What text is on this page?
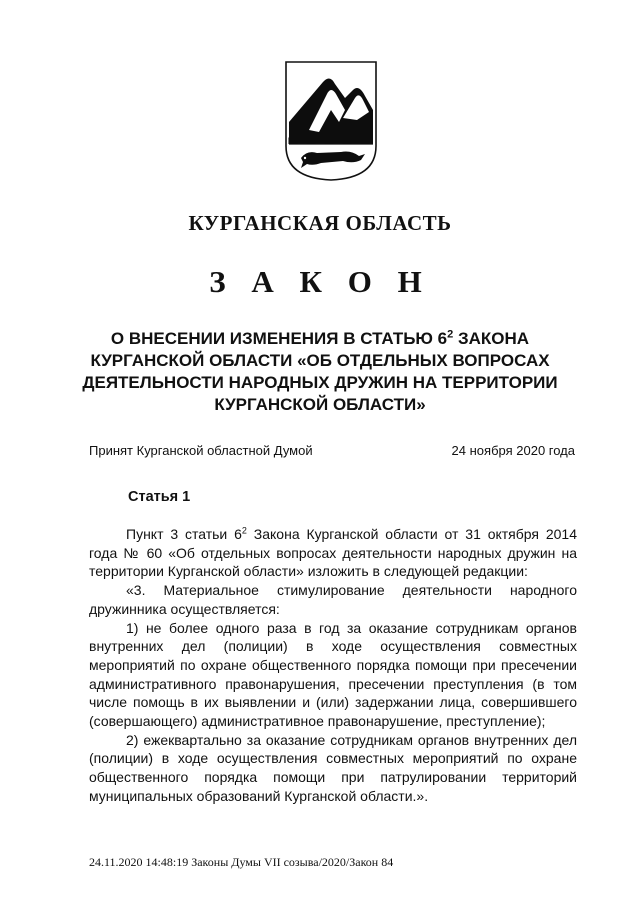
КУРГАНСКАЯ ОБЛАСТЬ
З А К О Н
О ВНЕСЕНИИ ИЗМЕНЕНИЯ В СТАТЬЮ $6^2$ ЗАКОНА КУРГАНСКОЙ ОБЛАСТИ «ОБ ОТДЕЛЬНЫХ ВОПРОСАХ ДЕЯТЕЛЬНОСТИ НАРОДНЫХ ДРУЖИН НА ТЕРРИТОРИИ КУРГАНСКОЙ ОБЛАСТИ»
Принят Курганской областной Думой	24 ноября 2020 года
Статья 1

Пункт 3 статьи $6^2$ Закона Курганской области от 31 октября 2014 года № 60 «Об отдельных вопросах деятельности народных дружин на территории Курганской области» изложить в следующей редакции:

«3. Материальное стимулирование деятельности народного дружинника осуществляется:

1) не более одного раза в год за оказание сотрудникам органов внутренних дел (полиции) в ходе осуществления совместных мероприятий по охране общественного порядка помощи при пресечении административного правонарушения, пресечении преступления (в том числе помощь в их выявлении и (или) задержании лица, совершившего (совершающего) административное правонарушение, преступление);

2) ежеквартально за оказание сотрудникам органов внутренних дел (полиции) в ходе осуществления совместных мероприятий по охране общественного порядка помощи при патрулировании территорий муниципальных образований Курганской области.».

24.11.2020 14:48:19 Законы Думы VII созыва/2020/Закон 84
